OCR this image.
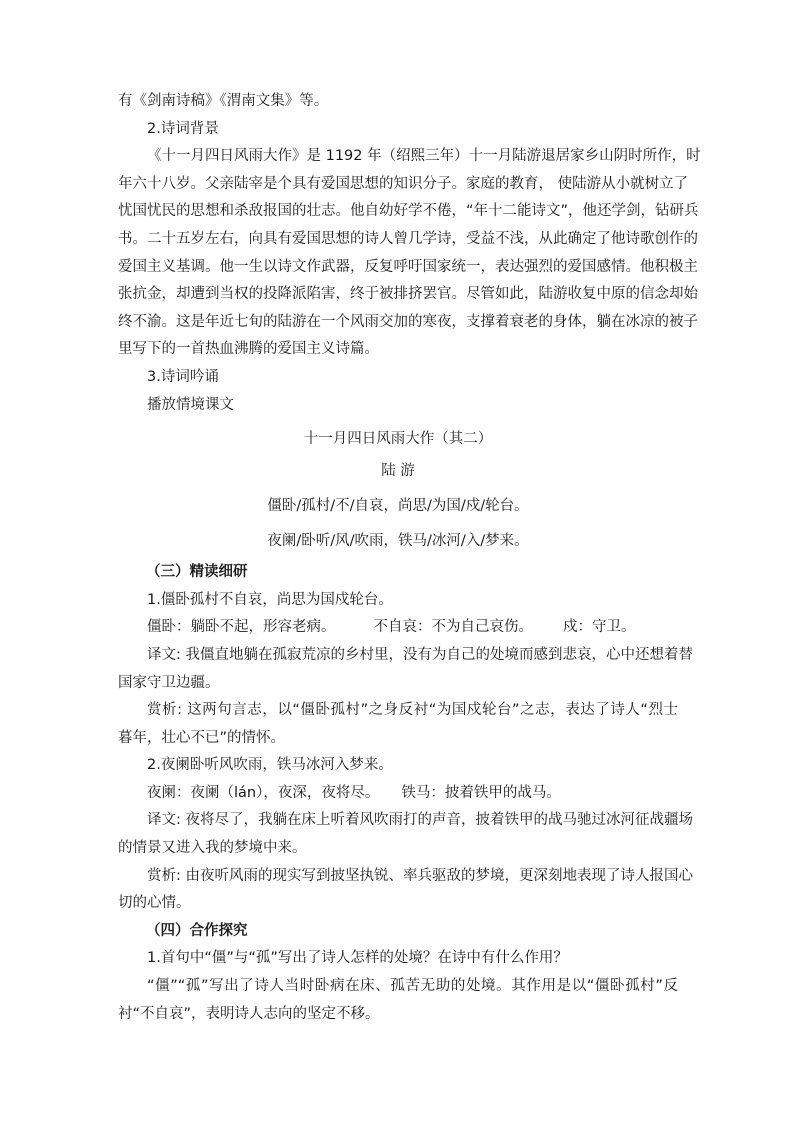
有《剑南诗稿》《渭南文集》等。
2.诗词背景
《十一月四日风雨大作》是 1192 年（绍熙三年）十一月陆游退居家乡山阴时所作，时
年六十八岁。父亲陆宰是个具有爱国思想的知识分子。家庭的教育， 使陆游从小就树立了
忧国忧民的思想和杀敌报国的壮志。他自幼好学不倦，“年十二能诗文”，他还学剑，钻研兵
书。二十五岁左右，向具有爱国思想的诗人曾几学诗，受益不浅，从此确定了他诗歌创作的
爱国主义基调。他一生以诗文作武器，反复呼吁国家统一，表达强烈的爱国感情。他积极主
张抗金，却遭到当权的投降派陷害，终于被排挤罢官。尽管如此，陆游收复中原的信念却始
终不渝。这是年近七旬的陆游在一个风雨交加的寒夜，支撑着衰老的身体，躺在冰凉的被子
里写下的一首热血沸腾的爱国主义诗篇。
3.诗词吟诵
播放情境课文
十一月四日风雨大作（其二）
陆 游
僵卧/孤村/不/自哀，尚思/为国/戍/轮台。
夜阑/卧听/风/吹雨，铁马/冰河/入/梦来。
（三）精读细研
1.僵卧孤村不自哀，尚思为国戍轮台。
僵卧：躺卧不起，形容老病。	不自哀：不为自己哀伤。 戍：守卫。
译文: 我僵直地躺在孤寂荒凉的乡村里，没有为自己的处境而感到悲哀，心中还想着替
国家守卫边疆。
赏析: 这两句言志，以“僵卧孤村”之身反衬“为国戍轮台”之志，表达了诗人“烈士
暮年，壮心不已”的情怀。
2.夜阑卧听风吹雨，铁马冰河入梦来。
夜阑：夜阑（lán），夜深，夜将尽。 铁马：披着铁甲的战马。
译文: 夜将尽了，我躺在床上听着风吹雨打的声音，披着铁甲的战马驰过冰河征战疆场
的情景又进入我的梦境中来。
赏析: 由夜听风雨的现实写到披坚执锐、率兵驱敌的梦境，更深刻地表现了诗人报国心
切的心情。
（四）合作探究
1.首句中“僵”与“孤”写出了诗人怎样的处境？在诗中有什么作用？
“僵”“孤”写出了诗人当时卧病在床、孤苦无助的处境。其作用是以“僵卧孤村”反
衬“不自哀”，表明诗人志向的坚定不移。
